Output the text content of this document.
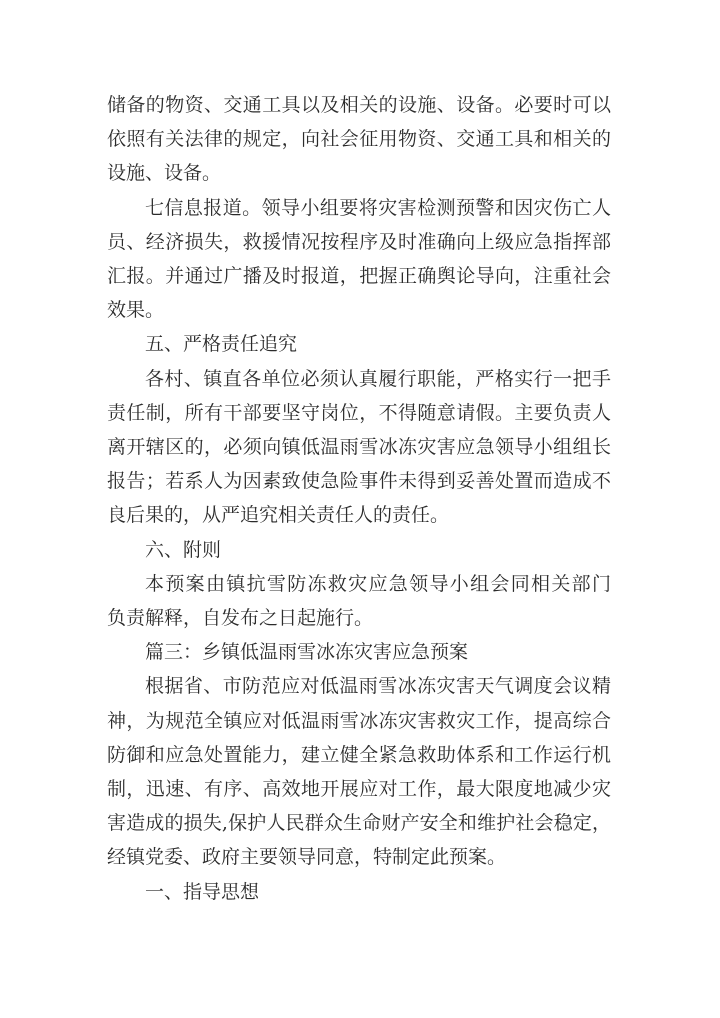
储备的物资、交通工具以及相关的设施、设备。必要时可以
依照有关法律的规定，向社会征用物资、交通工具和相关的
设施、设备。
七信息报道。领导小组要将灾害检测预警和因灾伤亡人
员、经济损失，救援情况按程序及时准确向上级应急指挥部
汇报。并通过广播及时报道，把握正确舆论导向，注重社会
效果。
五、严格责任追究
各村、镇直各单位必须认真履行职能，严格实行一把手
责任制，所有干部要坚守岗位，不得随意请假。主要负责人
离开辖区的，必须向镇低温雨雪冰冻灾害应急领导小组组长
报告；若系人为因素致使急险事件未得到妥善处置而造成不
良后果的，从严追究相关责任人的责任。
六、附则
本预案由镇抗雪防冻救灾应急领导小组会同相关部门
负责解释，自发布之日起施行。
篇三：乡镇低温雨雪冰冻灾害应急预案
根据省、市防范应对低温雨雪冰冻灾害天气调度会议精
神，为规范全镇应对低温雨雪冰冻灾害救灾工作，提高综合
防御和应急处置能力，建立健全紧急救助体系和工作运行机
制，迅速、有序、高效地开展应对工作，最大限度地减少灾
害造成的损失,保护人民群众生命财产安全和维护社会稳定，
经镇党委、政府主要领导同意，特制定此预案。
一、指导思想
